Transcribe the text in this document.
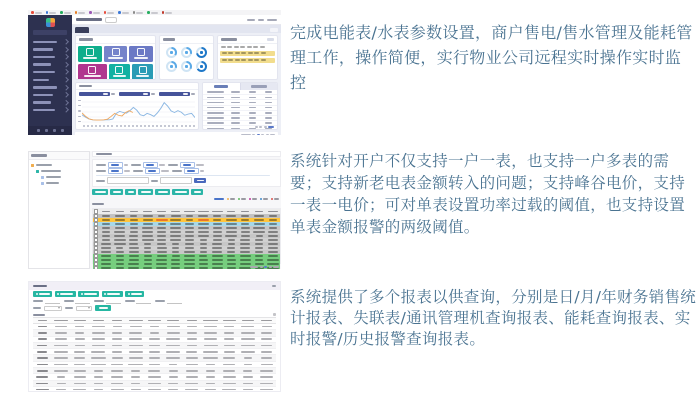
完成电能表/水表参数设置，商户售电/售水管理及能耗管理工作，操作简便，实行物业公司远程实时操作实时监控
系统针对开户不仅支持一户一表，也支持一户多表的需要；支持新老电表金额转入的问题；支持峰谷电价，支持一表一电价；可对单表设置功率过载的阈值，也支持设置单表金额报警的两级阈值。
系统提供了多个报表以供查询，分别是日/月/年财务销售统计报表、失联表/通讯管理机查询报表、能耗查询报表、实时报警/历史报警查询报表。
